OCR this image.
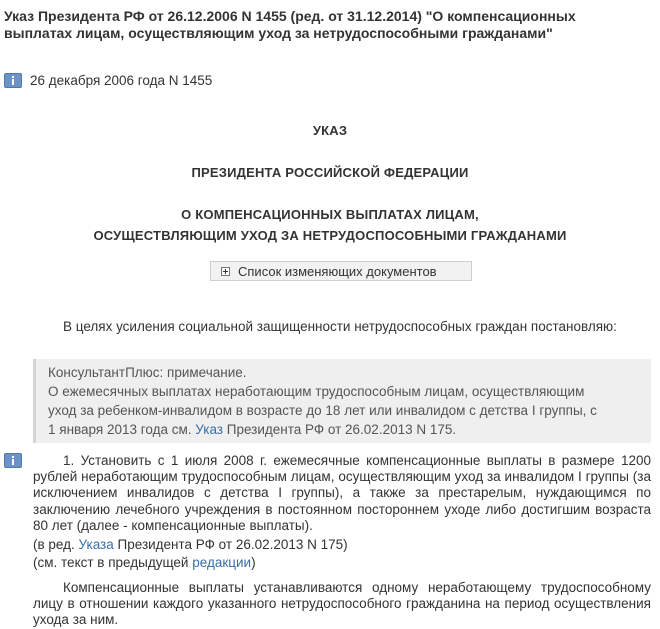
Указ Президента РФ от 26.12.2006 N 1455 (ред. от 31.12.2014) "О компенсационных выплатах лицам, осуществляющим уход за нетрудоспособными гражданами"
26 декабря 2006 года N 1455
УКАЗ
ПРЕЗИДЕНТА РОССИЙСКОЙ ФЕДЕРАЦИИ
О КОМПЕНСАЦИОННЫХ ВЫПЛАТАХ ЛИЦАМ,
ОСУЩЕСТВЛЯЮЩИМ УХОД ЗА НЕТРУДОСПОСОБНЫМИ ГРАЖДАНАМИ
Список изменяющих документов
В целях усиления социальной защищенности нетрудоспособных граждан постановляю:
КонсультантПлюс: примечание.
О ежемесячных выплатах неработающим трудоспособным лицам, осуществляющим
уход за ребенком-инвалидом в возрасте до 18 лет или инвалидом с детства I группы, с
1 января 2013 года см. Указ Президента РФ от 26.02.2013 N 175.
1. Установить с 1 июля 2008 г. ежемесячные компенсационные выплаты в размере 1200 рублей неработающим трудоспособным лицам, осуществляющим уход за инвалидом I группы (за исключением инвалидов с детства I группы), а также за престарелым, нуждающимся по заключению лечебного учреждения в постоянном постороннем уходе либо достигшим возраста 80 лет (далее - компенсационные выплаты).
(в ред. Указа Президента РФ от 26.02.2013 N 175)
(см. текст в предыдущей редакции)
Компенсационные выплаты устанавливаются одному неработающему трудоспособному лицу в отношении каждого указанного нетрудоспособного гражданина на период осуществления ухода за ним.
